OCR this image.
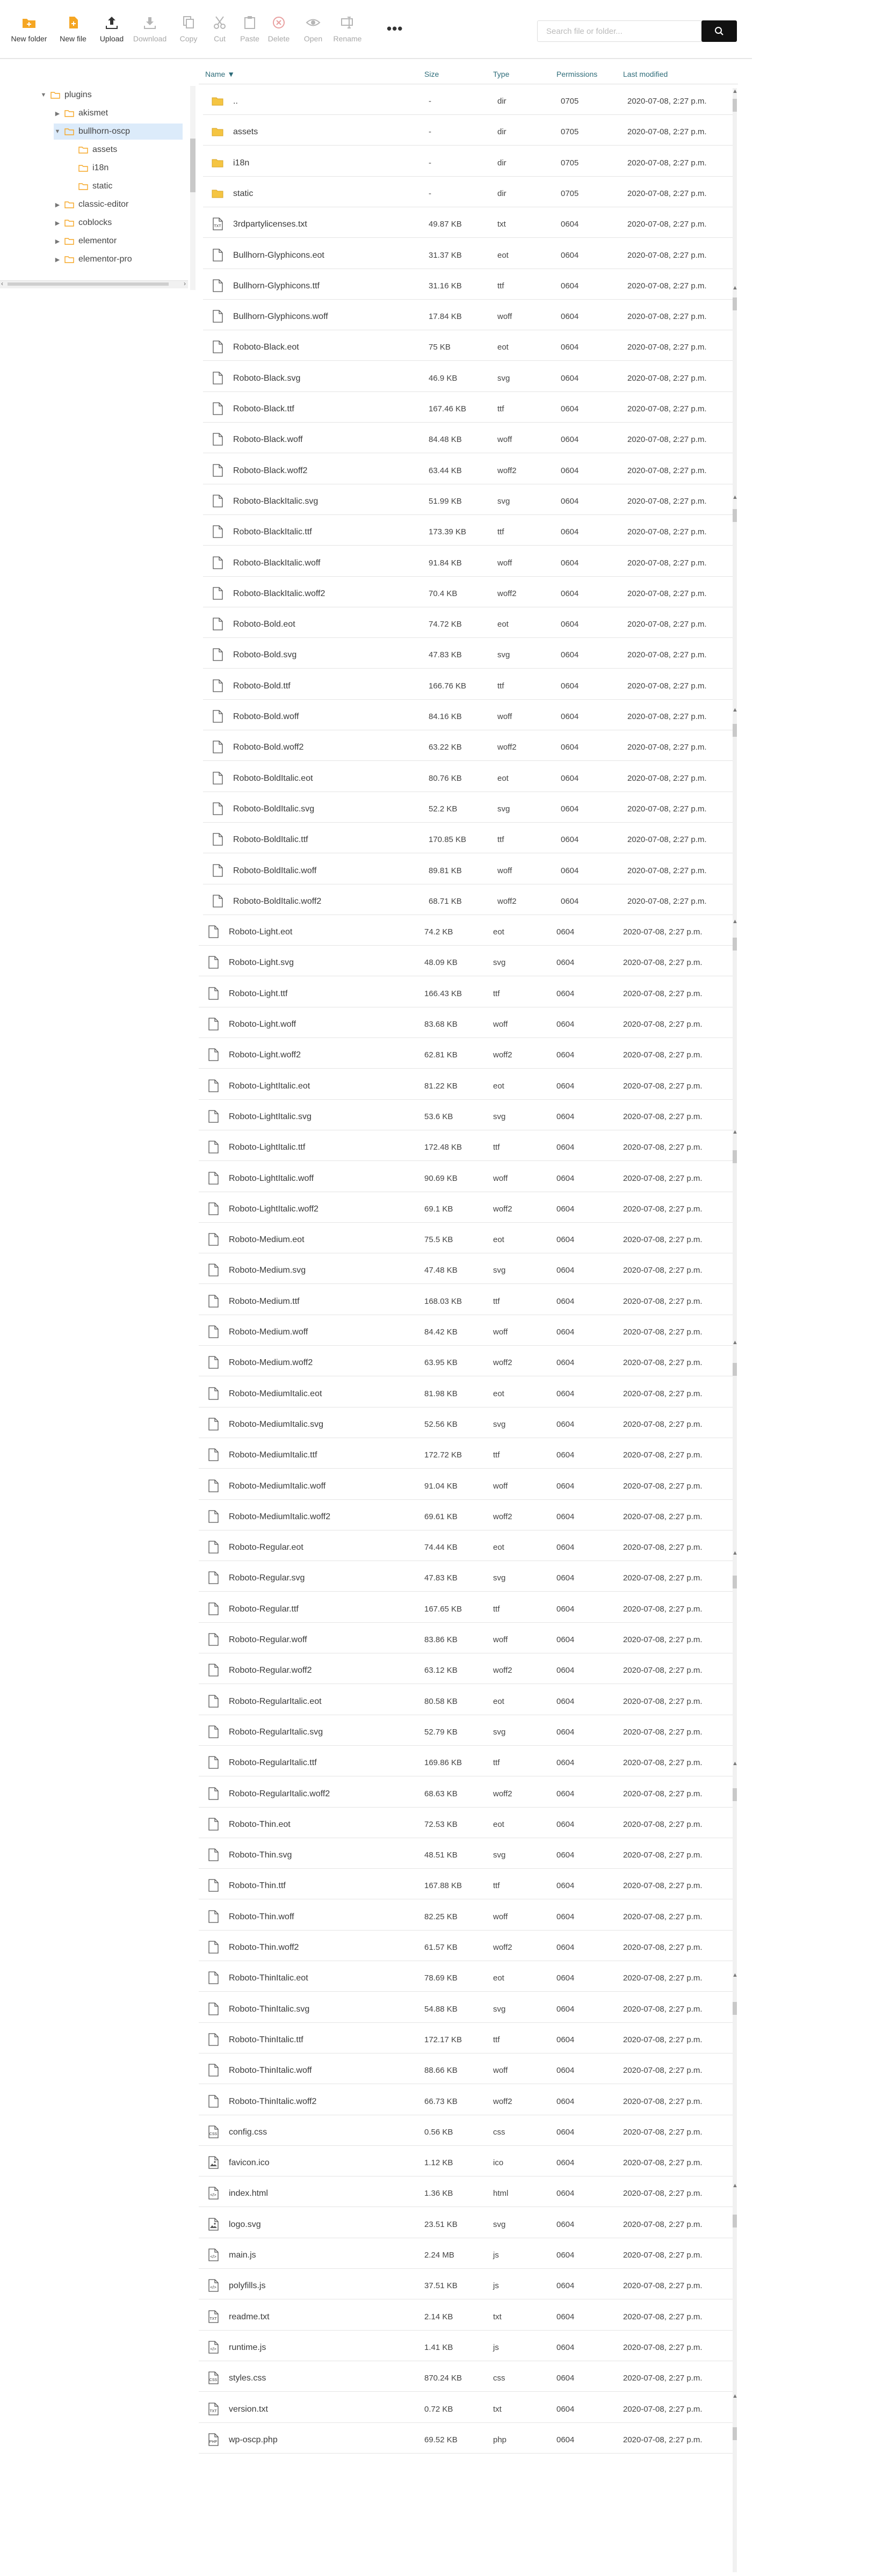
New folder	New file	Upload	Download	Copy	Cut	Paste	Delete	Open	Rename
•••
Search file or folder...
▼ plugins
▶ akismet
▼ bullhorn-oscp
assets
i18n
static
▶ classic-editor
▶ coblocks
▶ elementor
▶ elementor-pro
‹	›
Name ▼	Size	Type	Permissions	Last modified
..	-	dir	0705	2020-07-08, 2:27 p.m.
assets	-	dir	0705	2020-07-08, 2:27 p.m.
i18n	-	dir	0705	2020-07-08, 2:27 p.m.
static	-	dir	0705	2020-07-08, 2:27 p.m.
TXT 3rdpartylicenses.txt	49.87 KB	txt	0604	2020-07-08, 2:27 p.m.
Bullhorn-Glyphicons.eot	31.37 KB	eot	0604	2020-07-08, 2:27 p.m.
Bullhorn-Glyphicons.ttf	31.16 KB	ttf	0604	2020-07-08, 2:27 p.m.
Bullhorn-Glyphicons.woff	17.84 KB	woff	0604	2020-07-08, 2:27 p.m.
Roboto-Black.eot	75 KB	eot	0604	2020-07-08, 2:27 p.m.
Roboto-Black.svg	46.9 KB	svg	0604	2020-07-08, 2:27 p.m.
Roboto-Black.ttf	167.46 KB	ttf	0604	2020-07-08, 2:27 p.m.
Roboto-Black.woff	84.48 KB	woff	0604	2020-07-08, 2:27 p.m.
Roboto-Black.woff2	63.44 KB	woff2	0604	2020-07-08, 2:27 p.m.
Roboto-BlackItalic.svg	51.99 KB	svg	0604	2020-07-08, 2:27 p.m.
Roboto-BlackItalic.ttf	173.39 KB	ttf	0604	2020-07-08, 2:27 p.m.
Roboto-BlackItalic.woff	91.84 KB	woff	0604	2020-07-08, 2:27 p.m.
Roboto-BlackItalic.woff2	70.4 KB	woff2	0604	2020-07-08, 2:27 p.m.
Roboto-Bold.eot	74.72 KB	eot	0604	2020-07-08, 2:27 p.m.
Roboto-Bold.svg	47.83 KB	svg	0604	2020-07-08, 2:27 p.m.
Roboto-Bold.ttf	166.76 KB	ttf	0604	2020-07-08, 2:27 p.m.
Roboto-Bold.woff	84.16 KB	woff	0604	2020-07-08, 2:27 p.m.
Roboto-Bold.woff2	63.22 KB	woff2	0604	2020-07-08, 2:27 p.m.
Roboto-BoldItalic.eot	80.76 KB	eot	0604	2020-07-08, 2:27 p.m.
Roboto-BoldItalic.svg	52.2 KB	svg	0604	2020-07-08, 2:27 p.m.
Roboto-BoldItalic.ttf	170.85 KB	ttf	0604	2020-07-08, 2:27 p.m.
Roboto-BoldItalic.woff	89.81 KB	woff	0604	2020-07-08, 2:27 p.m.
Roboto-BoldItalic.woff2	68.71 KB	woff2	0604	2020-07-08, 2:27 p.m.
Roboto-Light.eot	74.2 KB	eot	0604	2020-07-08, 2:27 p.m.
Roboto-Light.svg	48.09 KB	svg	0604	2020-07-08, 2:27 p.m.
Roboto-Light.ttf	166.43 KB	ttf	0604	2020-07-08, 2:27 p.m.
Roboto-Light.woff	83.68 KB	woff	0604	2020-07-08, 2:27 p.m.
Roboto-Light.woff2	62.81 KB	woff2	0604	2020-07-08, 2:27 p.m.
Roboto-LightItalic.eot	81.22 KB	eot	0604	2020-07-08, 2:27 p.m.
Roboto-LightItalic.svg	53.6 KB	svg	0604	2020-07-08, 2:27 p.m.
Roboto-LightItalic.ttf	172.48 KB	ttf	0604	2020-07-08, 2:27 p.m.
Roboto-LightItalic.woff	90.69 KB	woff	0604	2020-07-08, 2:27 p.m.
Roboto-LightItalic.woff2	69.1 KB	woff2	0604	2020-07-08, 2:27 p.m.
Roboto-Medium.eot	75.5 KB	eot	0604	2020-07-08, 2:27 p.m.
Roboto-Medium.svg	47.48 KB	svg	0604	2020-07-08, 2:27 p.m.
Roboto-Medium.ttf	168.03 KB	ttf	0604	2020-07-08, 2:27 p.m.
Roboto-Medium.woff	84.42 KB	woff	0604	2020-07-08, 2:27 p.m.
Roboto-Medium.woff2	63.95 KB	woff2	0604	2020-07-08, 2:27 p.m.
Roboto-MediumItalic.eot	81.98 KB	eot	0604	2020-07-08, 2:27 p.m.
Roboto-MediumItalic.svg	52.56 KB	svg	0604	2020-07-08, 2:27 p.m.
Roboto-MediumItalic.ttf	172.72 KB	ttf	0604	2020-07-08, 2:27 p.m.
Roboto-MediumItalic.woff	91.04 KB	woff	0604	2020-07-08, 2:27 p.m.
Roboto-MediumItalic.woff2	69.61 KB	woff2	0604	2020-07-08, 2:27 p.m.
Roboto-Regular.eot	74.44 KB	eot	0604	2020-07-08, 2:27 p.m.
Roboto-Regular.svg	47.83 KB	svg	0604	2020-07-08, 2:27 p.m.
Roboto-Regular.ttf	167.65 KB	ttf	0604	2020-07-08, 2:27 p.m.
Roboto-Regular.woff	83.86 KB	woff	0604	2020-07-08, 2:27 p.m.
Roboto-Regular.woff2	63.12 KB	woff2	0604	2020-07-08, 2:27 p.m.
Roboto-RegularItalic.eot	80.58 KB	eot	0604	2020-07-08, 2:27 p.m.
Roboto-RegularItalic.svg	52.79 KB	svg	0604	2020-07-08, 2:27 p.m.
Roboto-RegularItalic.ttf	169.86 KB	ttf	0604	2020-07-08, 2:27 p.m.
Roboto-RegularItalic.woff2	68.63 KB	woff2	0604	2020-07-08, 2:27 p.m.
Roboto-Thin.eot	72.53 KB	eot	0604	2020-07-08, 2:27 p.m.
Roboto-Thin.svg	48.51 KB	svg	0604	2020-07-08, 2:27 p.m.
Roboto-Thin.ttf	167.88 KB	ttf	0604	2020-07-08, 2:27 p.m.
Roboto-Thin.woff	82.25 KB	woff	0604	2020-07-08, 2:27 p.m.
Roboto-Thin.woff2	61.57 KB	woff2	0604	2020-07-08, 2:27 p.m.
Roboto-ThinItalic.eot	78.69 KB	eot	0604	2020-07-08, 2:27 p.m.
Roboto-ThinItalic.svg	54.88 KB	svg	0604	2020-07-08, 2:27 p.m.
Roboto-ThinItalic.ttf	172.17 KB	ttf	0604	2020-07-08, 2:27 p.m.
Roboto-ThinItalic.woff	88.66 KB	woff	0604	2020-07-08, 2:27 p.m.
Roboto-ThinItalic.woff2	66.73 KB	woff2	0604	2020-07-08, 2:27 p.m.
CSS config.css	0.56 KB	css	0604	2020-07-08, 2:27 p.m.
favicon.ico	1.12 KB	ico	0604	2020-07-08, 2:27 p.m.
</> index.html	1.36 KB	html	0604	2020-07-08, 2:27 p.m.
logo.svg	23.51 KB	svg	0604	2020-07-08, 2:27 p.m.
</> main.js	2.24 MB	js	0604	2020-07-08, 2:27 p.m.
</> polyfills.js	37.51 KB	js	0604	2020-07-08, 2:27 p.m.
TXT readme.txt	2.14 KB	txt	0604	2020-07-08, 2:27 p.m.
</> runtime.js	1.41 KB	js	0604	2020-07-08, 2:27 p.m.
CSS styles.css	870.24 KB	css	0604	2020-07-08, 2:27 p.m.
TXT version.txt	0.72 KB	txt	0604	2020-07-08, 2:27 p.m.
PHP wp-oscp.php	69.52 KB	php	0604	2020-07-08, 2:27 p.m.
▲
▲
▲
▲
▲
▲
▲
▲
▲
▲
▲
▲
